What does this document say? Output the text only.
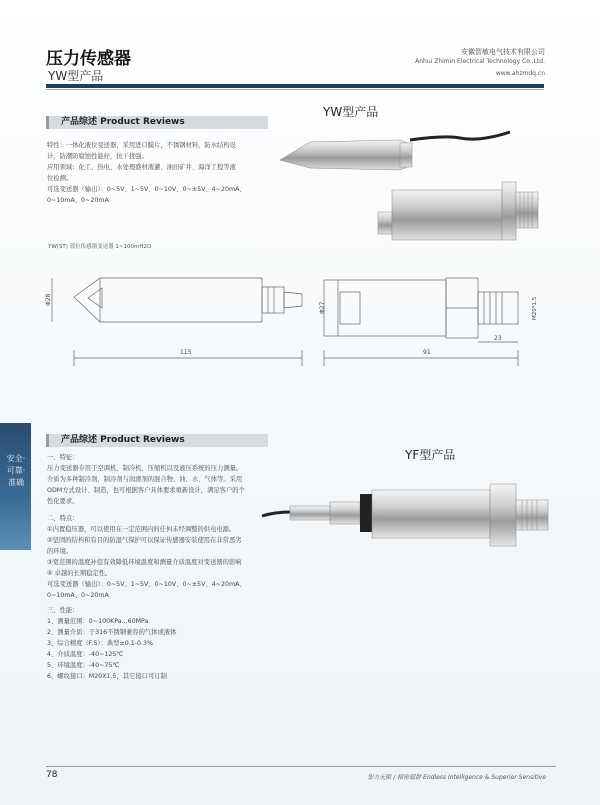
压力传感器
YW型产品
安徽智敏电气技术有限公司
Anhui Zhimin Electrical Technology Co.,Ltd.
www.ahzmdq.cn
产品综述 Product Reviews
YW型产品
特性：一体化液位变送器，采用进口膜片，不锈钢材料，防水结构设
计，防潮防腐蚀性能好，抗干扰强。
应用领域：化工、热电、水处理盛材液灌、油田矿井、海洋工程等液
位检测。
可选变送器（输出）：0~5V、1~5V、0~10V、0~±5V、4~20mA、
0~10mA、0~20mA
YW(ST) 液位传感器变送器 1~100mH2O
Φ28
115
Φ27
23
M20*1.5
91
安全·可靠·准确
产品综述 Product Reviews
YF型产品
一、特征：
压力变送器专用于空调机、制冷机、压缩机以及液压系统的压力测量。
介质为多种制冷剂、制冷剂与润滑剂的混合物、油、水、气体等。采用
ODM方式设计、制造，也可根据客户具体要求重新设计，满足客户的个
性化要求。
二、特点：
①内置稳压器，可以使用在一定范围内的任何未经调整的供电电源。
②坚固的结构和有目的防湿气保护可以保证传感器安装使用在非常恶劣
的环境。
③宽范围的温度补偿有效降低环境温度和测量介质温度对变送器的影响
④ 卓越的长期稳定性。
可选变送器（输出）：0~5V、1~5V、0~10V、0~±5V、4~20mA、
0~10mA、0~20mA
三、性能：
1、测量范围：0~100KPa...60MPa
2、测量介质：于316不锈钢兼容的气体或液体
3、综合精度（F.S）：典型±0.1-0.3%
4、介质温度：-40~125℃
5、环境温度：-40~75℃
6、螺纹接口：M20X1.5，其它接口可订制
78	智力无限 / 精密超群 Endless Intelligence & Superior Sensitive
